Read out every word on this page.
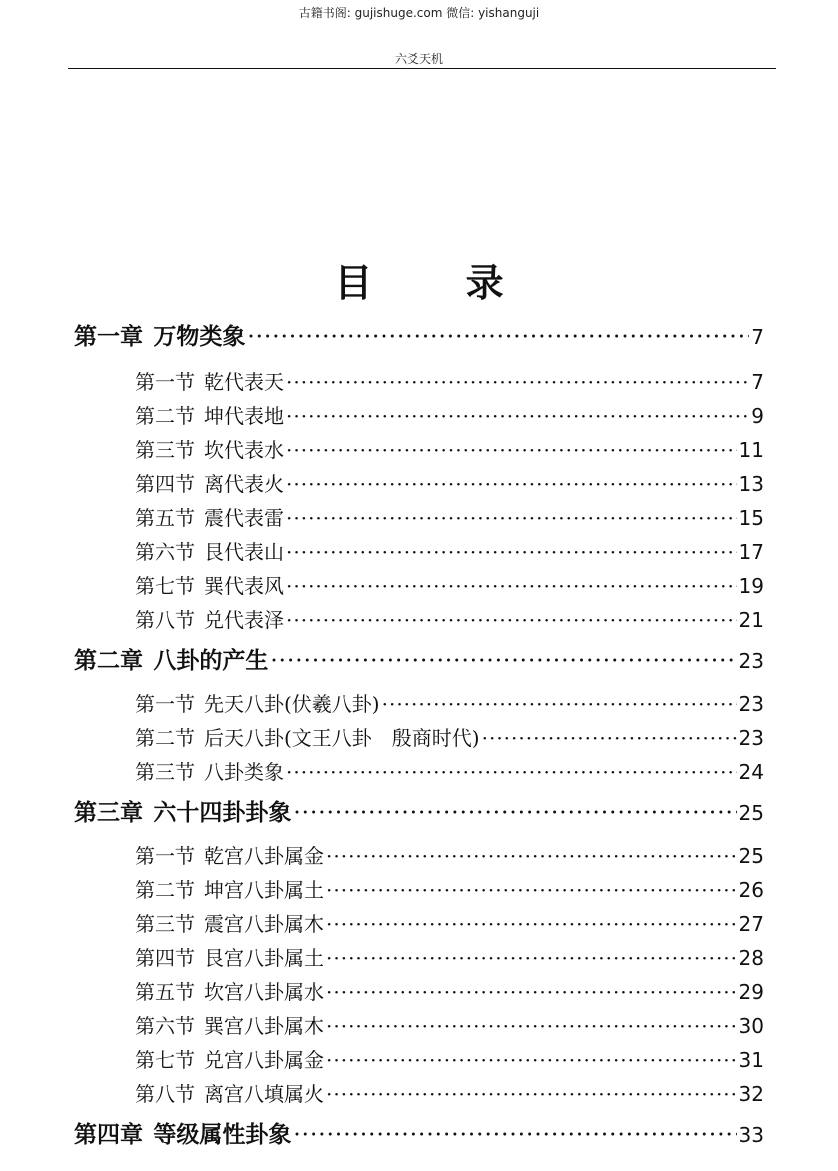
古籍书阁: gujishuge.com 微信: yishanguji
六爻天机
目 录
第一章 万物类象 ·····	7
第一节 乾代表天 ·····	7
第二节 坤代表地 ·····	9
第三节 坎代表水 ·····	11
第四节 离代表火 ·····	13
第五节 震代表雷 ·····	15
第六节 艮代表山 ·····	17
第七节 巽代表风 ·····	19
第八节 兑代表泽 ·····	21
第二章 八卦的产生 ·····	23
第一节 先天八卦(伏羲八卦) ·····	23
第二节 后天八卦(文王八卦　殷商时代) ·····	23
第三节 八卦类象 ·····	24
第三章 六十四卦卦象 ·····	25
第一节 乾宫八卦属金 ·····	25
第二节 坤宫八卦属土 ·····	26
第三节 震宫八卦属木 ·····	27
第四节 艮宫八卦属土 ·····	28
第五节 坎宫八卦属水 ·····	29
第六节 巽宫八卦属木 ·····	30
第七节 兑宫八卦属金 ·····	31
第八节 离宫八填属火 ·····	32
第四章 等级属性卦象 ·····	33
